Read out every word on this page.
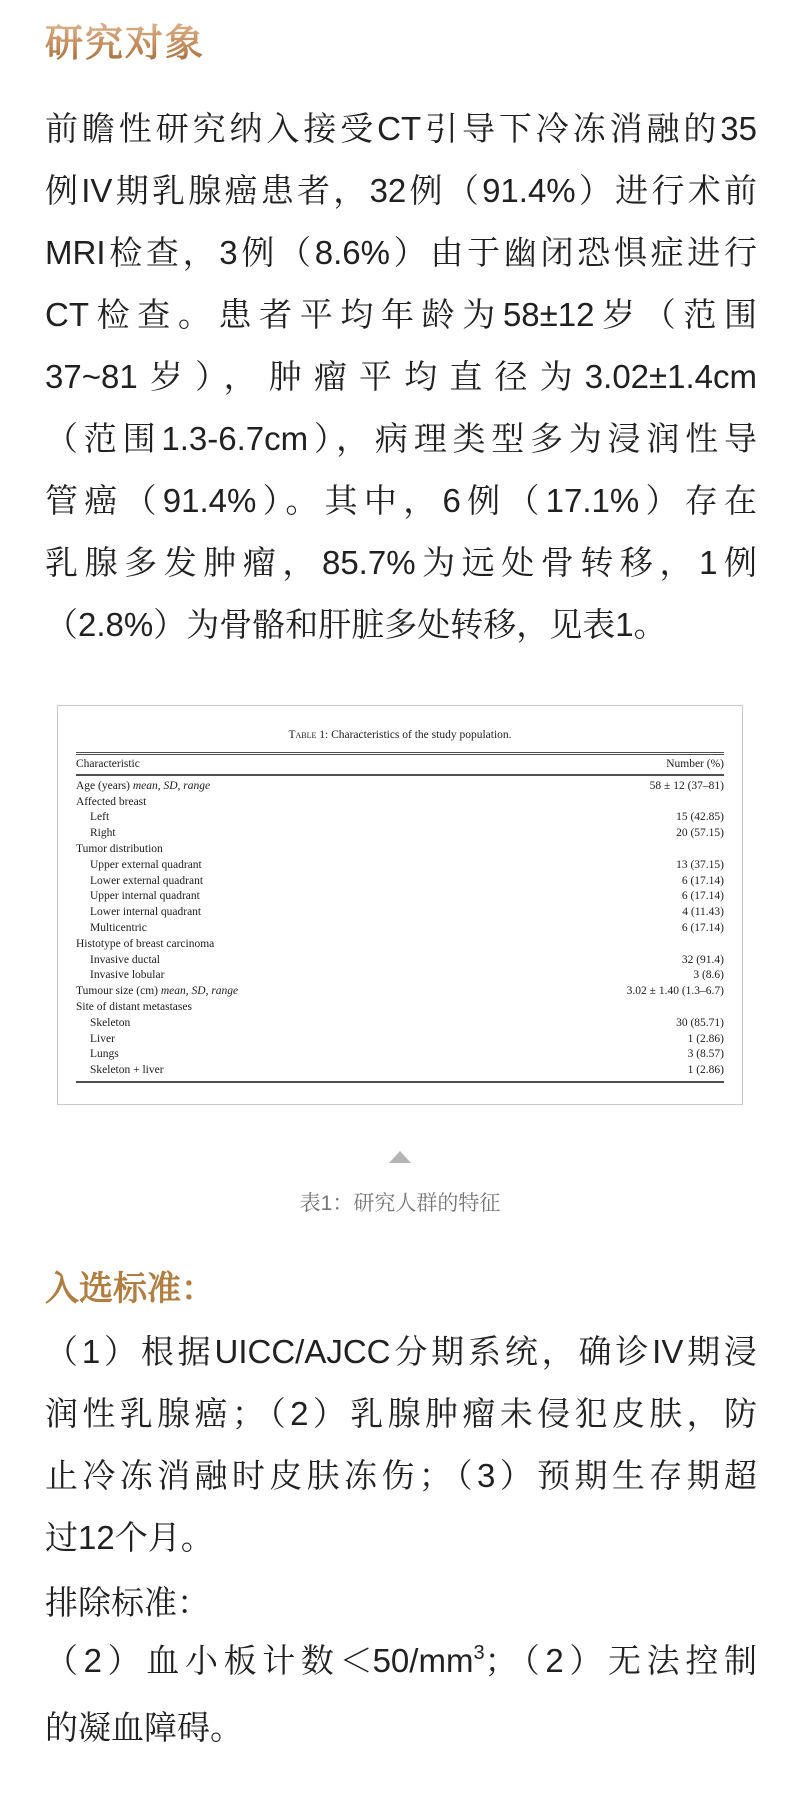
研究对象
前瞻性研究纳入接受CT引导下冷冻消融的35
例IV期乳腺癌患者，32例（91.4%）进行术前
MRI检查，3例（8.6%）由于幽闭恐惧症进行
CT检查。患者平均年龄为58±12岁（范围
37~81岁），肿瘤平均直径为3.02±1.4cm
（范围1.3-6.7cm），病理类型多为浸润性导
管癌（91.4%）。其中，6例（17.1%）存在
乳腺多发肿瘤，85.7%为远处骨转移，1例
（2.8%）为骨骼和肝脏多处转移，见表1。
Table 1: Characteristics of the study population.
Characteristic	Number (%)
Age (years) mean, SD, range	58 ± 12 (37–81)
Affected breast
Left	15 (42.85)
Right	20 (57.15)
Tumor distribution
Upper external quadrant	13 (37.15)
Lower external quadrant	6 (17.14)
Upper internal quadrant	6 (17.14)
Lower internal quadrant	4 (11.43)
Multicentric	6 (17.14)
Histotype of breast carcinoma
Invasive ductal	32 (91.4)
Invasive lobular	3 (8.6)
Tumour size (cm) mean, SD, range	3.02 ± 1.40 (1.3–6.7)
Site of distant metastases
Skeleton	30 (85.71)
Liver	1 (2.86)
Lungs	3 (8.57)
Skeleton + liver	1 (2.86)
表1：研究人群的特征
入选标准：
（1）根据UICC/AJCC分期系统，确诊IV期浸
润性乳腺癌；（2）乳腺肿瘤未侵犯皮肤，防
止冷冻消融时皮肤冻伤；（3）预期生存期超
过12个月。
排除标准：
（2）血小板计数$<50/mm^3$；（2）无法控制
的凝血障碍。
